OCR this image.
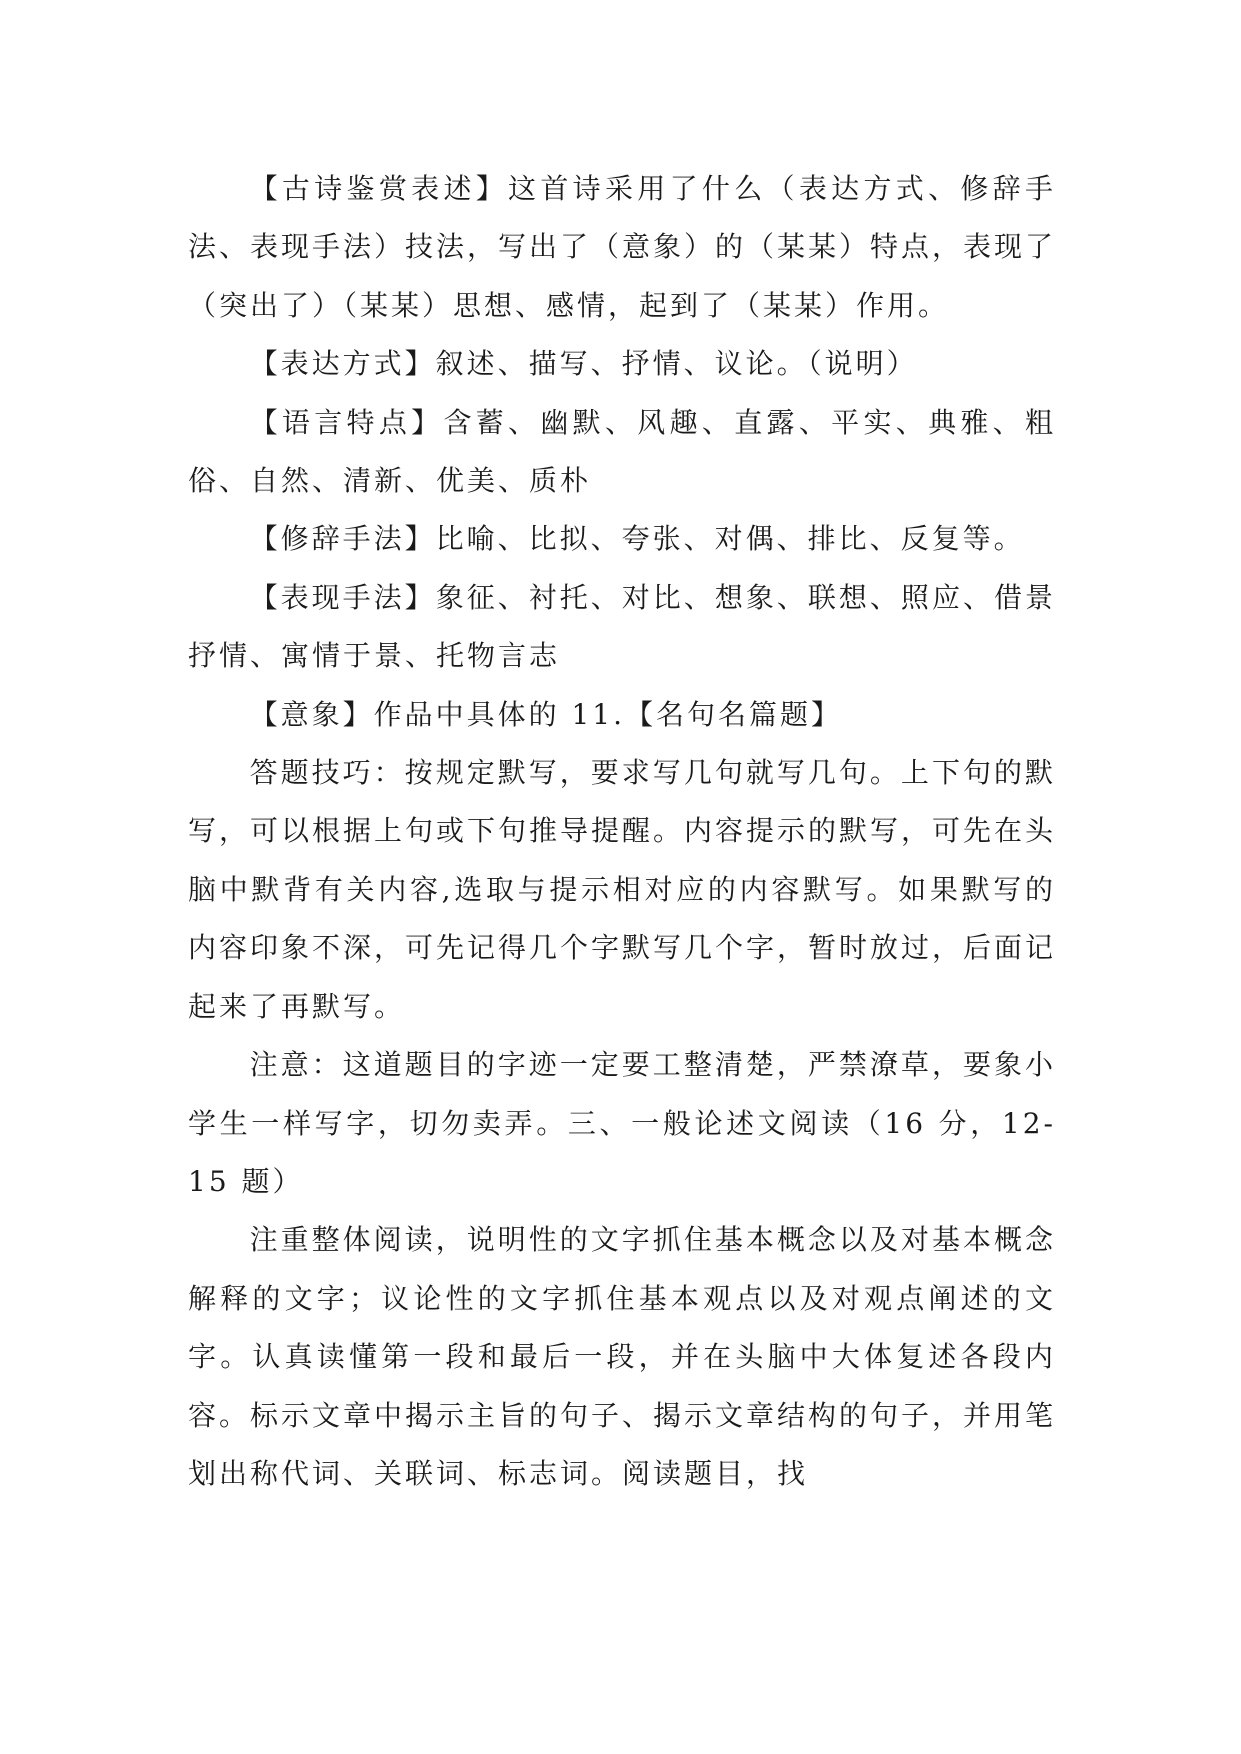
【古诗鉴赏表述】这首诗采用了什么（表达方式、修辞手法、表现手法）技法，写出了（意象）的（某某）特点，表现了（突出了）（某某）思想、感情，起到了（某某）作用。

【表达方式】叙述、描写、抒情、议论。（说明）

【语言特点】含蓄、幽默、风趣、直露、平实、典雅、粗俗、自然、清新、优美、质朴

【修辞手法】比喻、比拟、夸张、对偶、排比、反复等。

【表现手法】象征、衬托、对比、想象、联想、照应、借景抒情、寓情于景、托物言志

【意象】作品中具体的 11.【名句名篇题】

答题技巧：按规定默写，要求写几句就写几句。上下句的默写，可以根据上句或下句推导提醒。内容提示的默写，可先在头脑中默背有关内容,选取与提示相对应的内容默写。如果默写的内容印象不深，可先记得几个字默写几个字，暂时放过，后面记起来了再默写。

注意：这道题目的字迹一定要工整清楚，严禁潦草，要象小学生一样写字，切勿卖弄。三、一般论述文阅读（16 分，12-15 题）

注重整体阅读，说明性的文字抓住基本概念以及对基本概念解释的文字；议论性的文字抓住基本观点以及对观点阐述的文字。认真读懂第一段和最后一段，并在头脑中大体复述各段内容。标示文章中揭示主旨的句子、揭示文章结构的句子，并用笔划出称代词、关联词、标志词。阅读题目，找
